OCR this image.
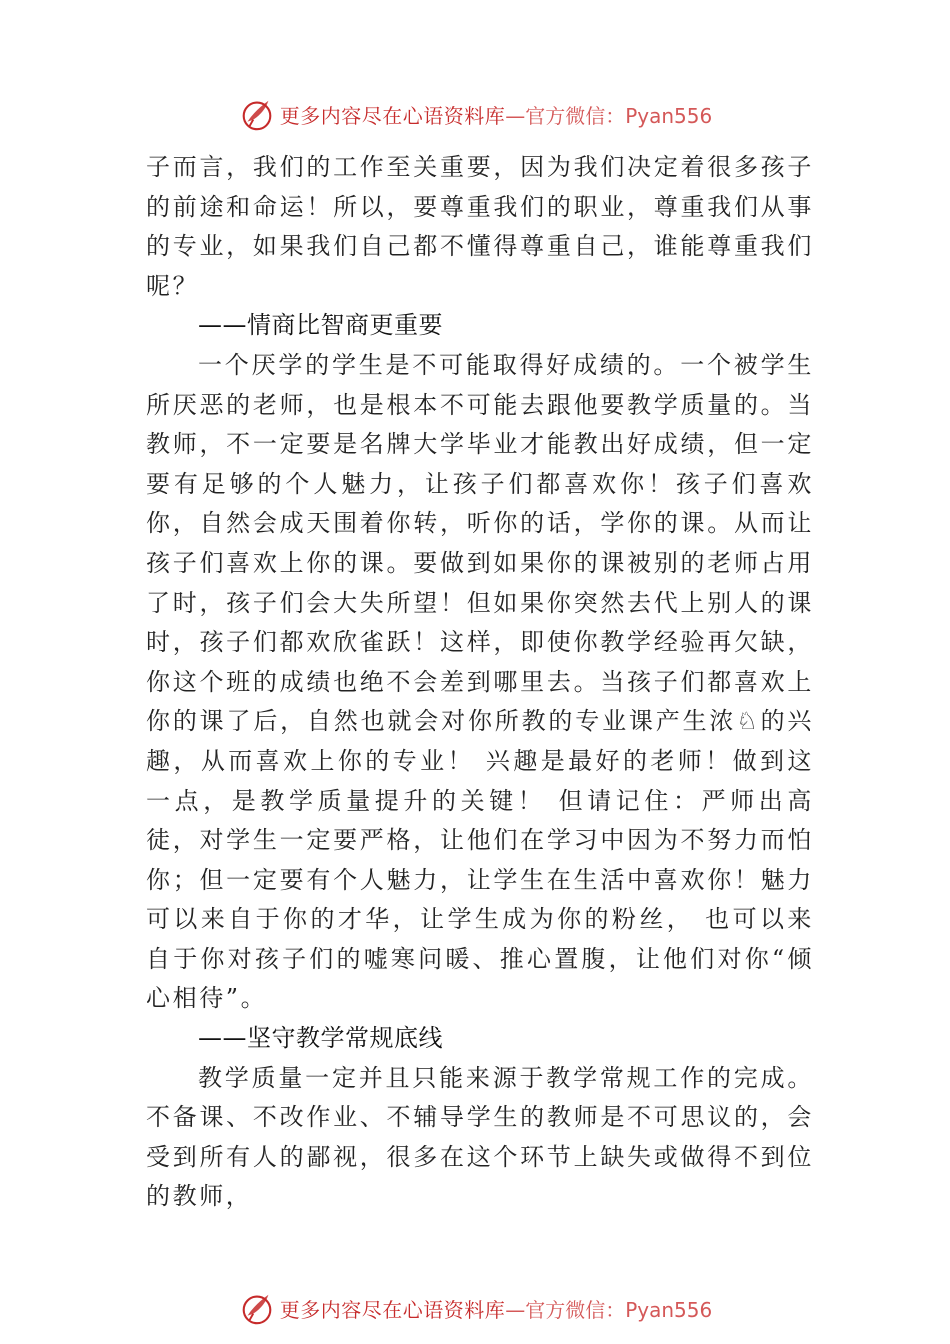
更多内容尽在心语资料库 —官方微信：Pyan556

子而言，我们的工作至关重要，因为我们决定着很多孩子的前途和命运！所以，要尊重我们的职业，尊重我们从事的专业，如果我们自己都不懂得尊重自己，谁能尊重我们呢？

——情商比智商更重要

一个厌学的学生是不可能取得好成绩的。一个被学生所厌恶的老师，也是根本不可能去跟他要教学质量的。当教师，不一定要是名牌大学毕业才能教出好成绩，但一定要有足够的个人魅力，让孩子们都喜欢你！孩子们喜欢你，自然会成天围着你转，听你的话，学你的课。从而让孩子们喜欢上你的课。要做到如果你的课被别的老师占用了时，孩子们会大失所望！但如果你突然去代上别人的课时，孩子们都欢欣雀跃！这样，即使你教学经验再欠缺，你这个班的成绩也绝不会差到哪里去。当孩子们都喜欢上你的课了后，自然也就会对你所教的专业课产生浓♘的兴趣，从而喜欢上你的专业！ 兴趣是最好的老师！做到这一点，是教学质量提升的关键！ 但请记住：严师出高徒，对学生一定要严格，让他们在学习中因为不努力而怕你；但一定要有个人魅力，让学生在生活中喜欢你！魅力可以来自于你的才华，让学生成为你的粉丝， 也可以来自于你对孩子们的嘘寒问暖、推心置腹，让他们对你“倾心相待”。

——坚守教学常规底线

教学质量一定并且只能来源于教学常规工作的完成。不备课、不改作业、不辅导学生的教师是不可思议的，会受到所有人的鄙视，很多在这个环节上缺失或做得不到位的教师，

更多内容尽在心语资料库 —官方微信：Pyan556
